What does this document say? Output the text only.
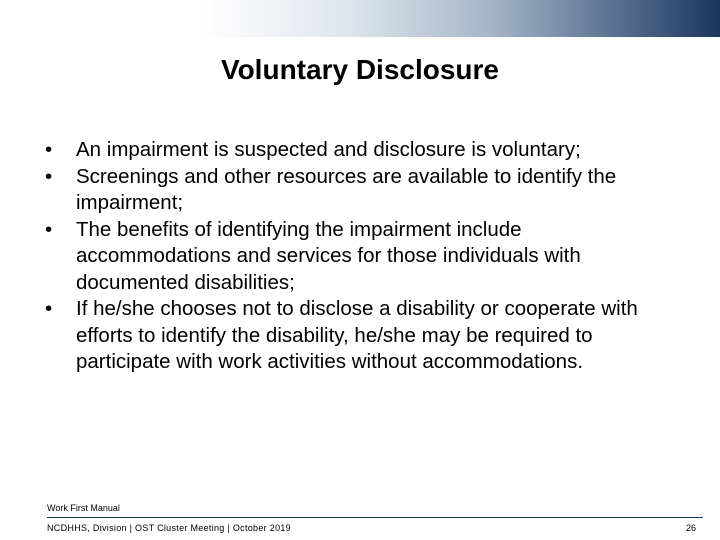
Voluntary Disclosure
• An impairment is suspected and disclosure is voluntary;
• Screenings and other resources are available to identify the impairment;
• The benefits of identifying the impairment include accommodations and services for those individuals with documented disabilities;
• If he/she chooses not to disclose a disability or cooperate with efforts to identify the disability, he/she may be required to participate with work activities without accommodations.
Work First Manual
NCDHHS, Division | OST Cluster Meeting | October 2019	26
